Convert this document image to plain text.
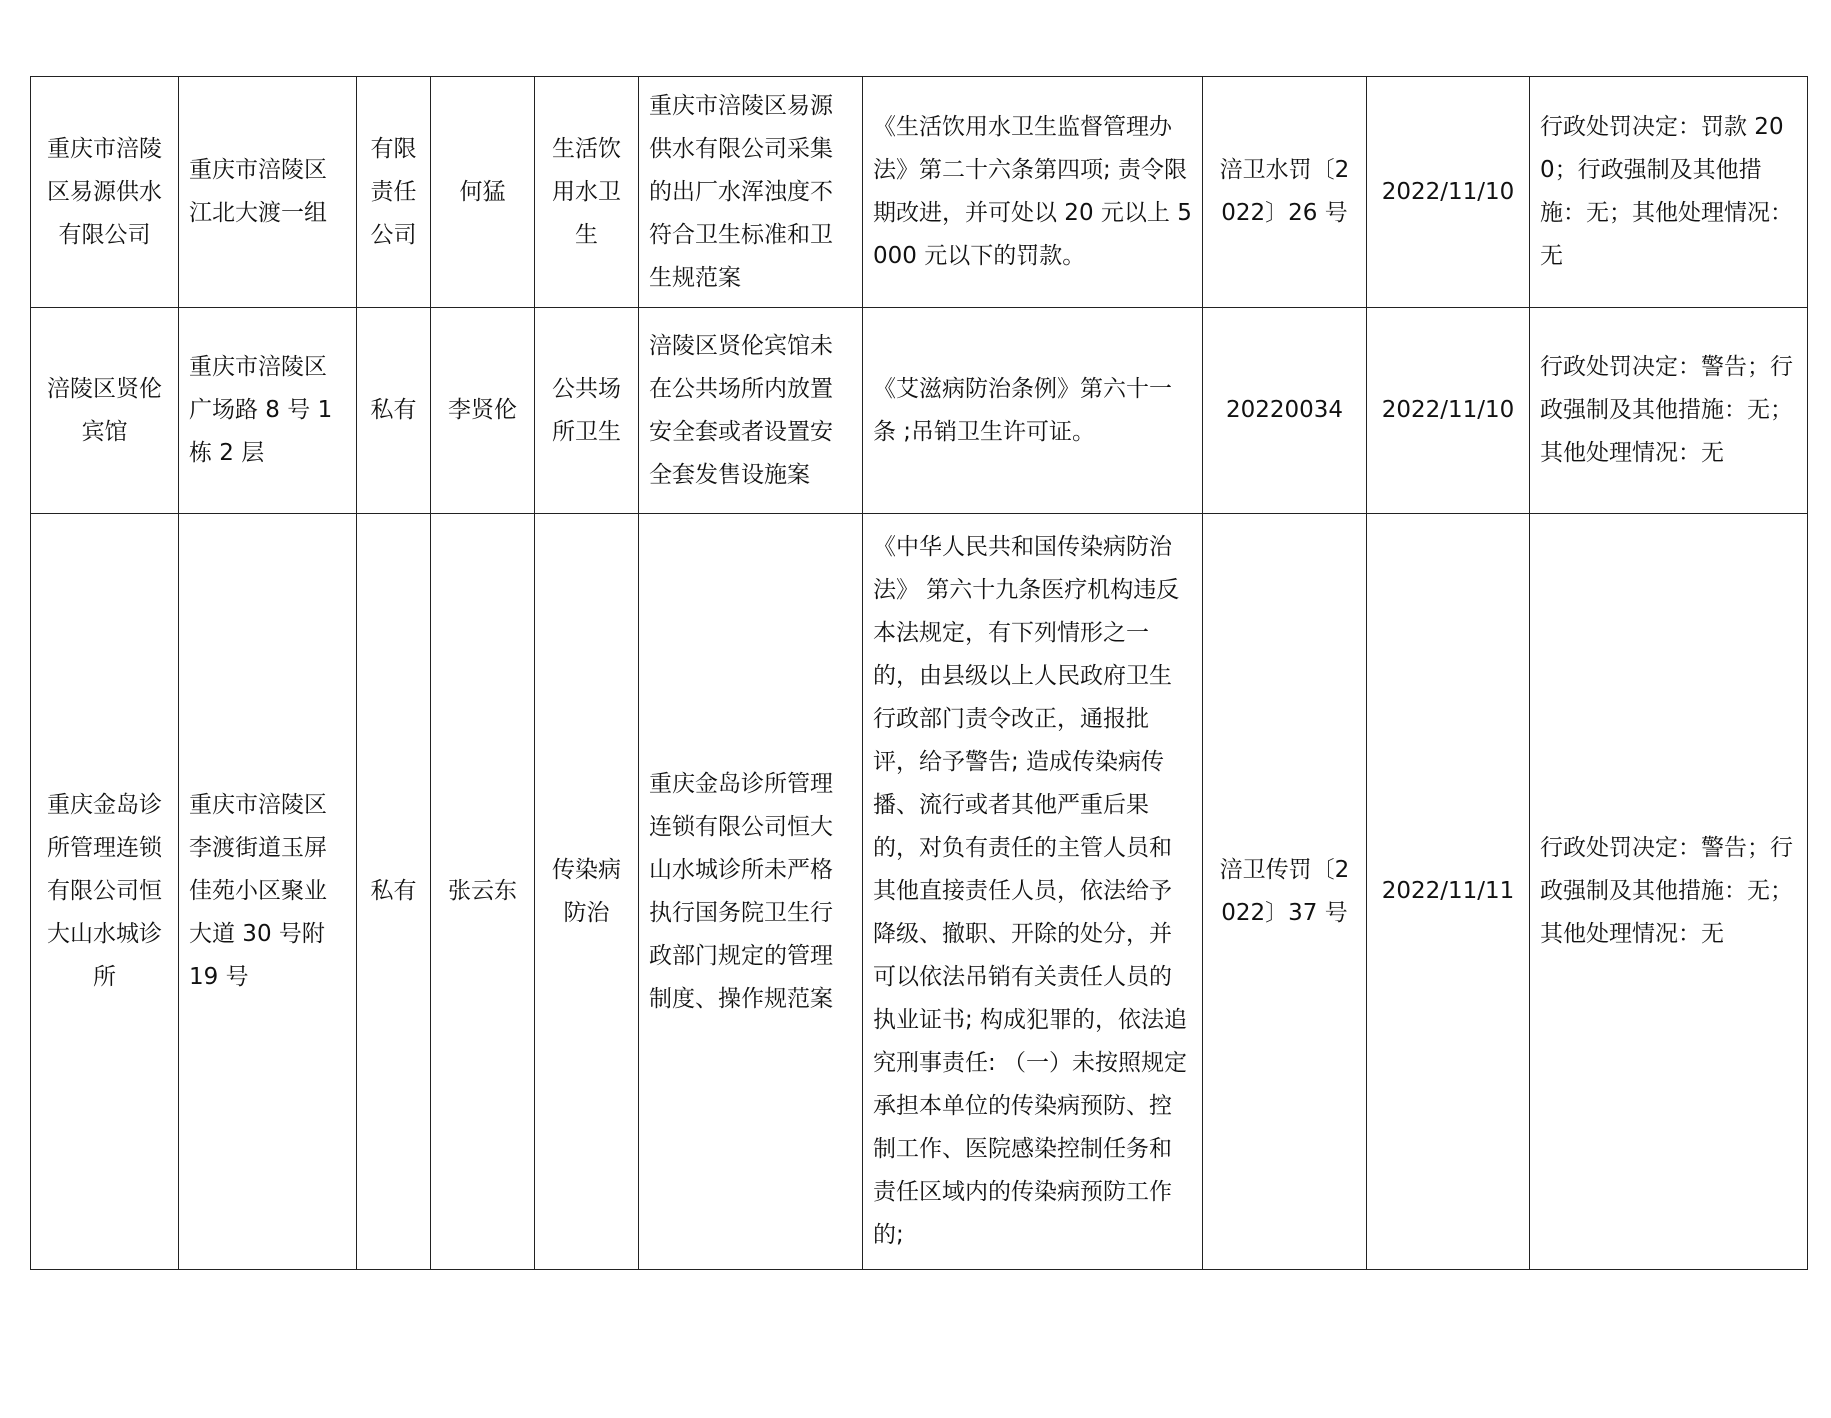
重庆市涪陵区易源供水有限公司	重庆市涪陵区江北大渡一组	有限责任公司	何猛	生活饮用水卫生	重庆市涪陵区易源供水有限公司采集的出厂水浑浊度不符合卫生标准和卫生规范案	《生活饮用水卫生监督管理办法》第二十六条第四项; 责令限期改进，并可处以 20 元以上 5000 元以下的罚款。	涪卫水罚〔2022〕26 号	2022/11/10	行政处罚决定：罚款 200；行政强制及其他措施：无；其他处理情况：无
涪陵区贤伦宾馆	重庆市涪陵区广场路 8 号 1 栋 2 层	私有	李贤伦	公共场所卫生	涪陵区贤伦宾馆未在公共场所内放置安全套或者设置安全套发售设施案	《艾滋病防治条例》第六十一条 ;吊销卫生许可证。	20220034	2022/11/10	行政处罚决定：警告；行政强制及其他措施：无；其他处理情况：无
重庆金岛诊所管理连锁有限公司恒大山水城诊所	重庆市涪陵区李渡街道玉屏佳苑小区聚业大道 30 号附 19 号	私有	张云东	传染病防治	重庆金岛诊所管理连锁有限公司恒大山水城诊所未严格执行国务院卫生行政部门规定的管理制度、操作规范案	《中华人民共和国传染病防治法》 第六十九条医疗机构违反本法规定，有下列情形之一的，由县级以上人民政府卫生行政部门责令改正，通报批评，给予警告; 造成传染病传播、流行或者其他严重后果的，对负有责任的主管人员和其他直接责任人员，依法给予降级、撤职、开除的处分，并可以依法吊销有关责任人员的执业证书; 构成犯罪的，依法追究刑事责任: （一）未按照规定承担本单位的传染病预防、控制工作、医院感染控制任务和责任区域内的传染病预防工作的;	涪卫传罚〔2022〕37 号	2022/11/11	行政处罚决定：警告；行政强制及其他措施：无；其他处理情况：无
